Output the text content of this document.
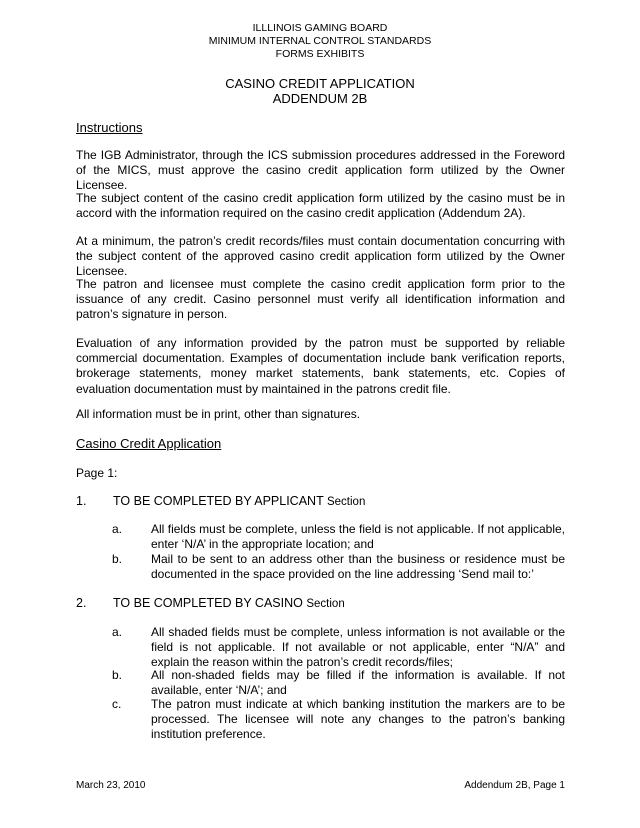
ILLLINOIS GAMING BOARD
MINIMUM INTERNAL CONTROL STANDARDS
FORMS EXHIBITS
CASINO CREDIT APPLICATION
ADDENDUM 2B
Instructions

The IGB Administrator, through the ICS submission procedures addressed in the Foreword of the MICS, must approve the casino credit application form utilized by the Owner Licensee.

The subject content of the casino credit application form utilized by the casino must be in accord with the information required on the casino credit application (Addendum 2A).

At a minimum, the patron’s credit records/files must contain documentation concurring with the subject content of the approved casino credit application form utilized by the Owner Licensee.

The patron and licensee must complete the casino credit application form prior to the issuance of any credit. Casino personnel must verify all identification information and patron’s signature in person.

Evaluation of any information provided by the patron must be supported by reliable commercial documentation. Examples of documentation include bank verification reports, brokerage statements, money market statements, bank statements, etc. Copies of evaluation documentation must by maintained in the patrons credit file.

All information must be in print, other than signatures.

Casino Credit Application
Page 1:
1. TO BE COMPLETED BY APPLICANT Section
a. All fields must be complete, unless the field is not applicable. If not applicable, enter ‘N/A’ in the appropriate location; and

b. Mail to be sent to an address other than the business or residence must be documented in the space provided on the line addressing ‘Send mail to:’

2. TO BE COMPLETED BY CASINO Section
a. All shaded fields must be complete, unless information is not available or the field is not applicable. If not available or not applicable, enter “N/A” and explain the reason within the patron’s credit records/files;

b. All non-shaded fields may be filled if the information is available. If not available, enter ‘N/A’; and

c. The patron must indicate at which banking institution the markers are to be processed. The licensee will note any changes to the patron’s banking institution preference.

March 23, 2010	Addendum 2B, Page 1
